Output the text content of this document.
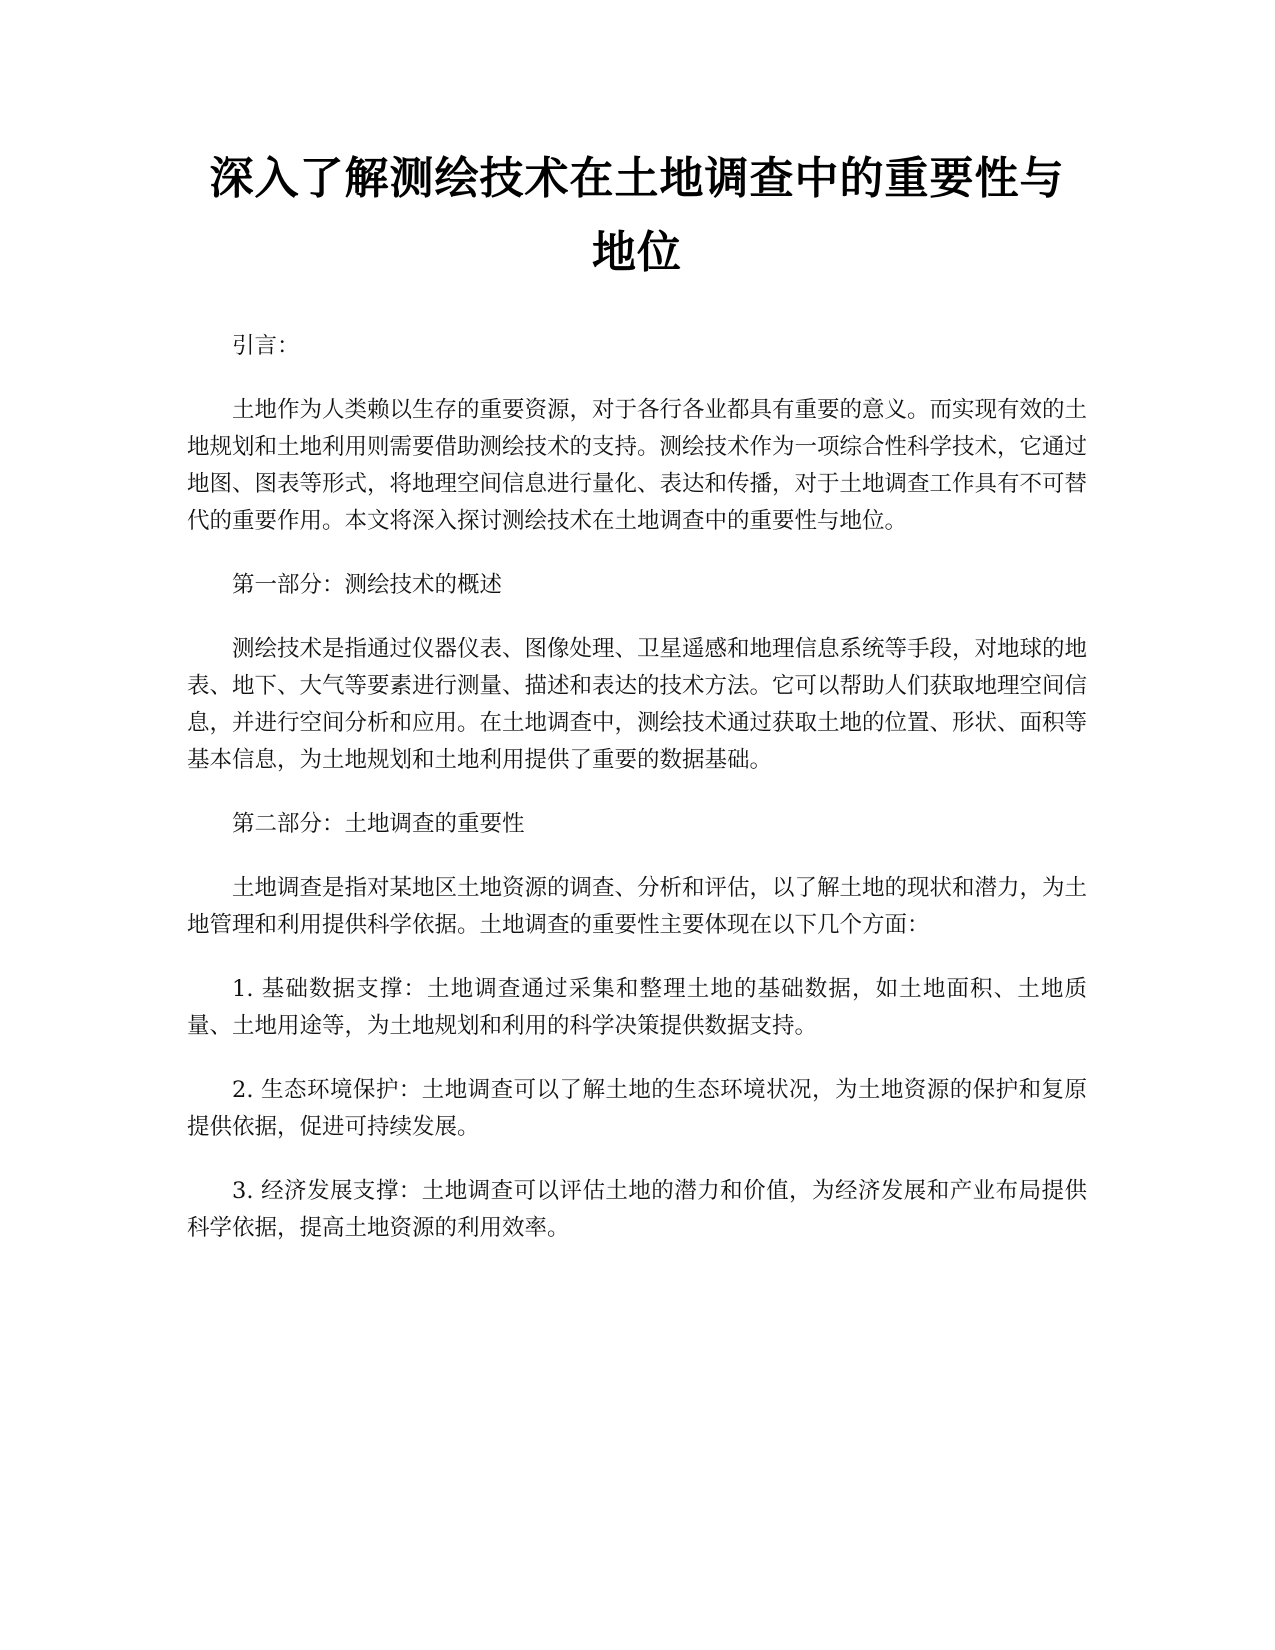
深入了解测绘技术在土地调查中的重要性与
地位

引言：

土地作为人类赖以生存的重要资源，对于各行各业都具有重要的意义。而实现有效的土地规划和土地利用则需要借助测绘技术的支持。测绘技术作为一项综合性科学技术，它通过地图、图表等形式，将地理空间信息进行量化、表达和传播，对于土地调查工作具有不可替代的重要作用。本文将深入探讨测绘技术在土地调查中的重要性与地位。

第一部分：测绘技术的概述

测绘技术是指通过仪器仪表、图像处理、卫星遥感和地理信息系统等手段，对地球的地表、地下、大气等要素进行测量、描述和表达的技术方法。它可以帮助人们获取地理空间信息，并进行空间分析和应用。在土地调查中，测绘技术通过获取土地的位置、形状、面积等基本信息，为土地规划和土地利用提供了重要的数据基础。

第二部分：土地调查的重要性

土地调查是指对某地区土地资源的调查、分析和评估，以了解土地的现状和潜力，为土地管理和利用提供科学依据。土地调查的重要性主要体现在以下几个方面：

1. 基础数据支撑：土地调查通过采集和整理土地的基础数据，如土地面积、土地质量、土地用途等，为土地规划和利用的科学决策提供数据支持。

2. 生态环境保护：土地调查可以了解土地的生态环境状况，为土地资源的保护和复原提供依据，促进可持续发展。

3. 经济发展支撑：土地调查可以评估土地的潜力和价值，为经济发展和产业布局提供科学依据，提高土地资源的利用效率。
